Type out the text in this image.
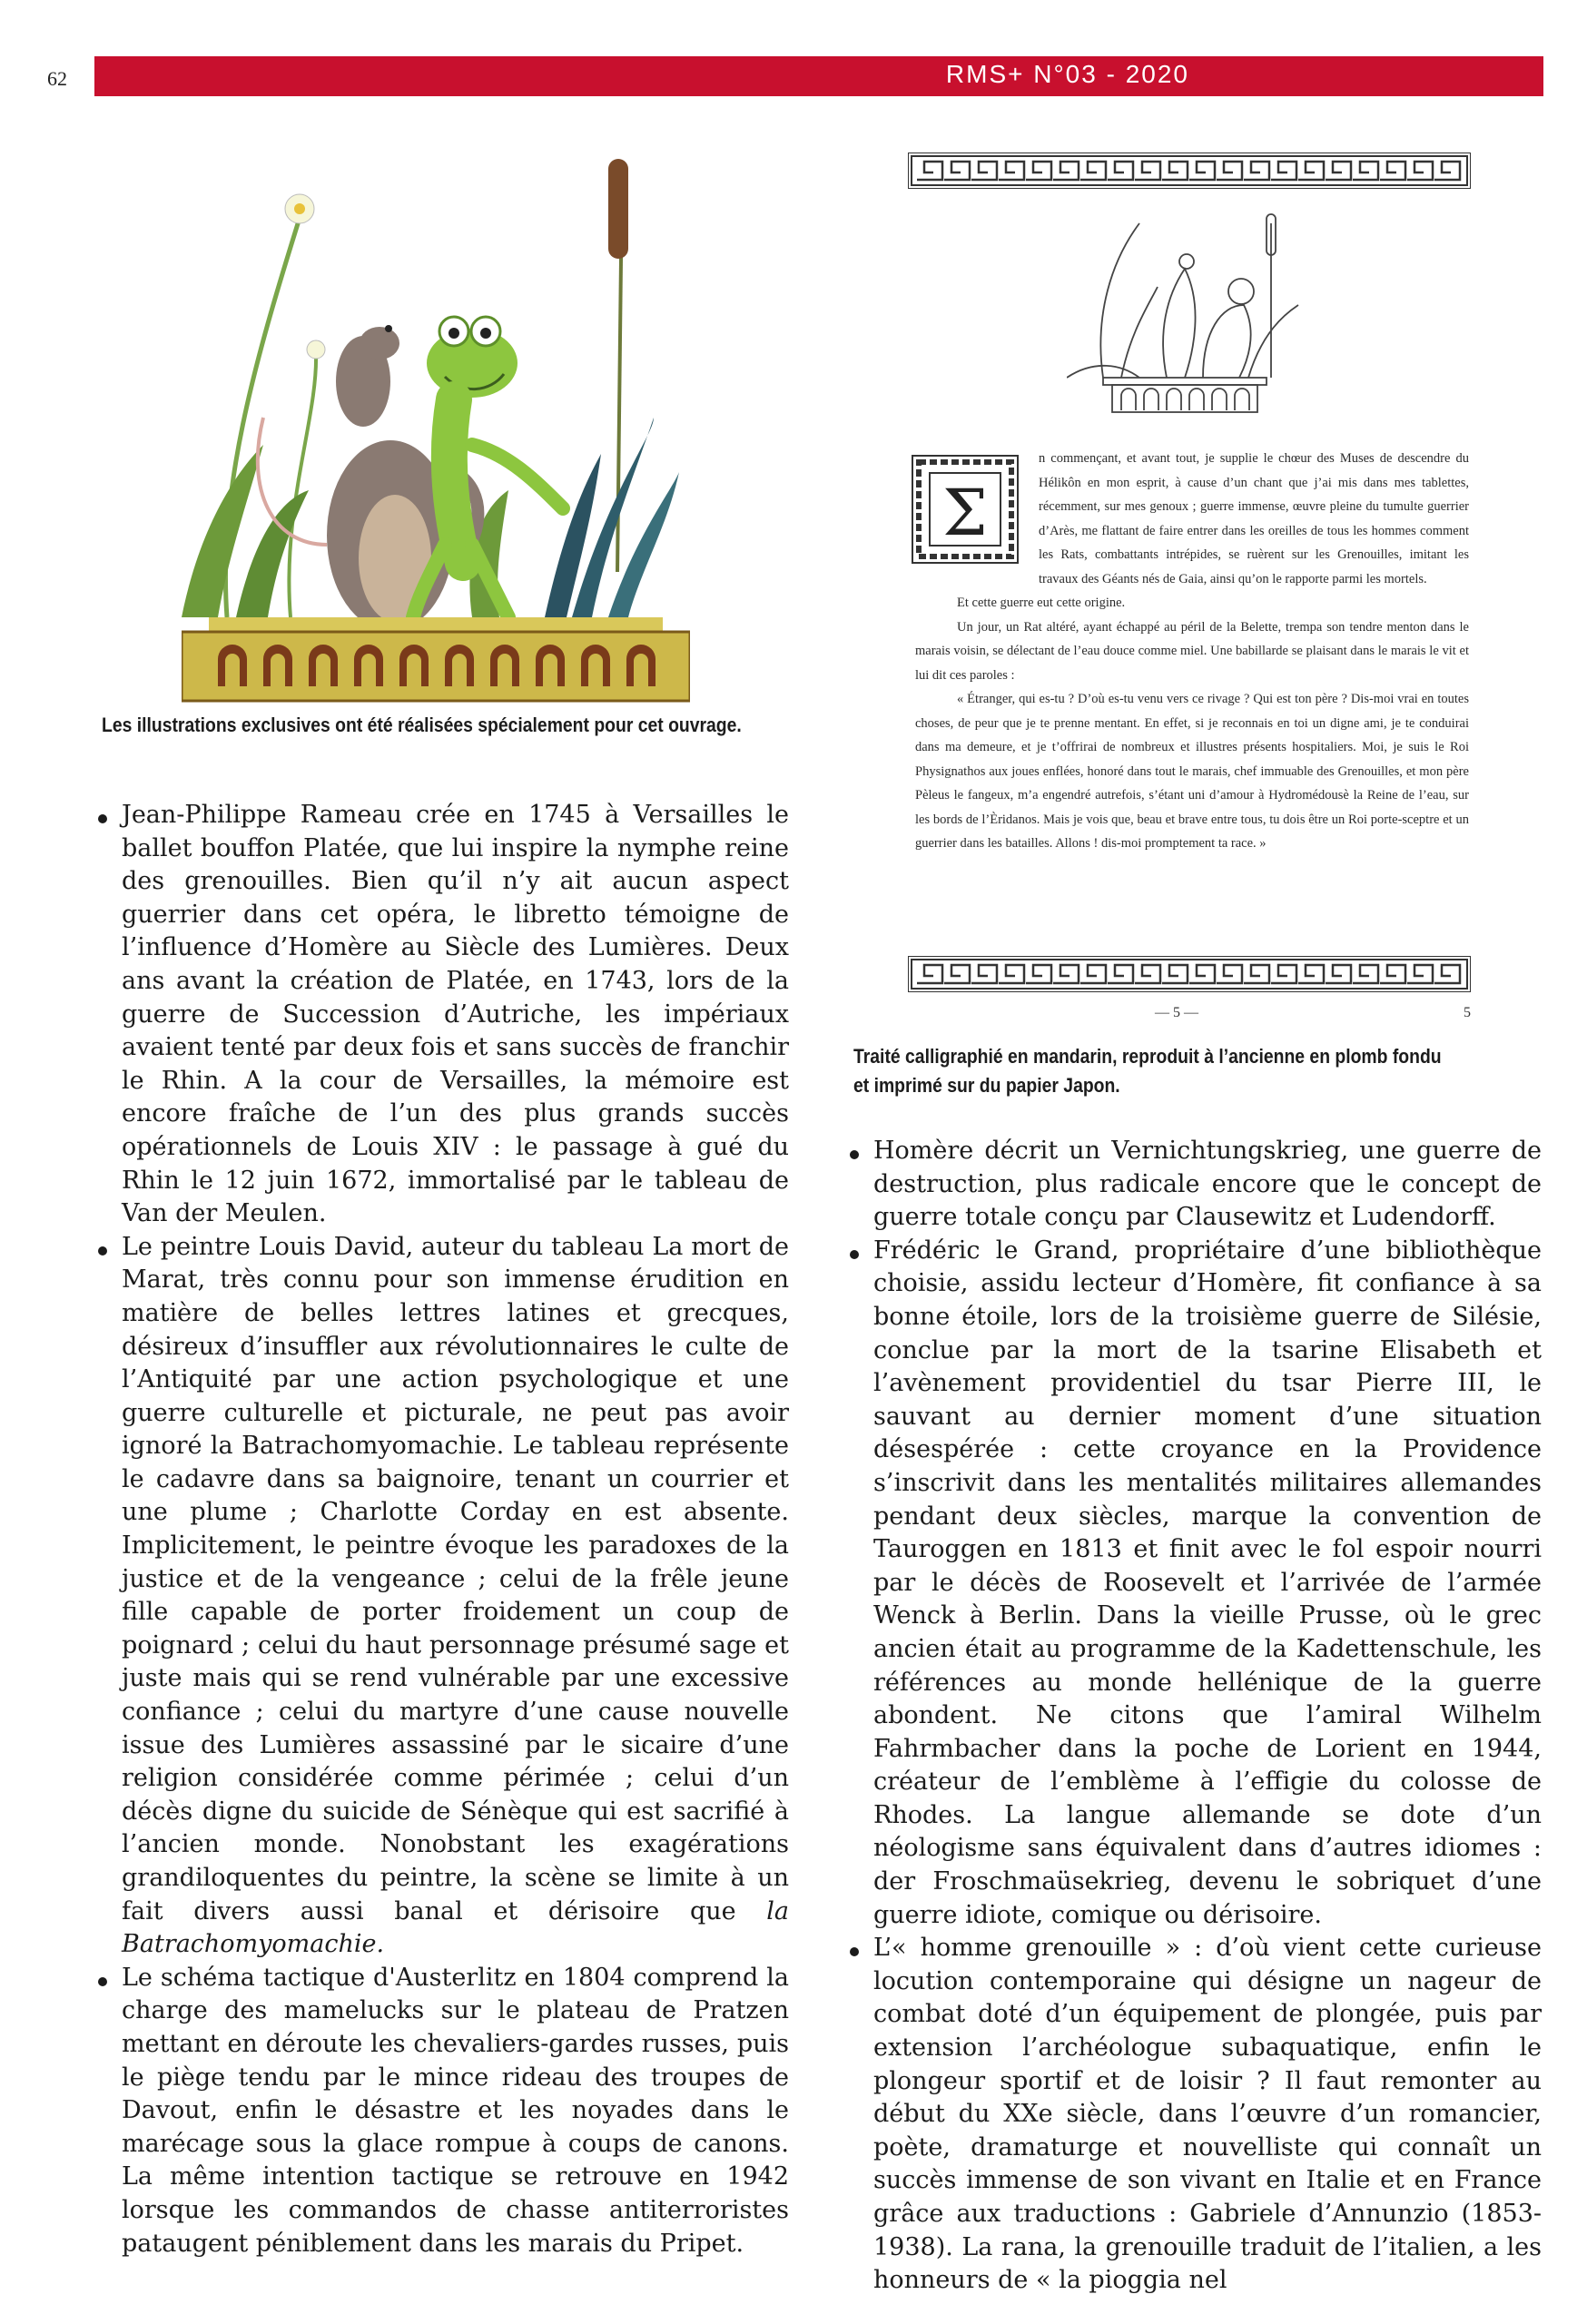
62	RMS+ N°03 - 2020
Les illustrations exclusives ont été réalisées spécialement pour cet ouvrage.
Σ

n commençant, et avant tout, je supplie le chœur des Muses de descendre du Hélikôn en mon esprit, à cause d’un chant que j’ai mis dans mes tablettes, récemment, sur mes genoux ; guerre immense, œuvre pleine du tumulte guerrier d’Arès, me flattant de faire entrer dans les oreilles de tous les hommes comment les Rats, combattants intrépides, se ruèrent sur les Grenouilles, imitant les travaux des Géants nés de Gaia, ainsi qu’on le rapporte parmi les mortels.

Et cette guerre eut cette origine.

Un jour, un Rat altéré, ayant échappé au péril de la Belette, trempa son tendre menton dans le marais voisin, se délectant de l’eau douce comme miel. Une babillarde se plaisant dans le marais le vit et lui dit ces paroles :

« Étranger, qui es-tu ? D’où es-tu venu vers ce rivage ? Qui est ton père ? Dis-moi vrai en toutes choses, de peur que je te prenne mentant. En effet, si je reconnais en toi un digne ami, je te conduirai dans ma demeure, et je t’offrirai de nombreux et illustres présents hospitaliers. Moi, je suis le Roi Physignathos aux joues enflées, honoré dans tout le marais, chef immuable des Grenouilles, et mon père Pèleus le fangeux, m’a engendré autrefois, s’étant uni d’amour à Hydromédousè la Reine de l’eau, sur les bords de l’Èridanos. Mais je vois que, beau et brave entre tous, tu dois être un Roi porte-sceptre et un guerrier dans les batailles. Allons ! dis-moi promptement ta race. »

— 5 —	5
Traité calligraphié en mandarin, reproduit à l’ancienne en plomb fondu et imprimé sur du papier Japon.

Jean-Philippe Rameau crée en 1745 à Versailles le ballet bouffon Platée, que lui inspire la nymphe reine des grenouilles. Bien qu’il n’y ait aucun aspect guerrier dans cet opéra, le libretto témoigne de l’influence d’Homère au Siècle des Lumières. Deux ans avant la création de Platée, en 1743, lors de la guerre de Succession d’Autriche, les impériaux avaient tenté par deux fois et sans succès de franchir le Rhin. A la cour de Versailles, la mémoire est encore fraîche de l’un des plus grands succès opérationnels de Louis XIV : le passage à gué du Rhin le 12 juin 1672, immortalisé par le tableau de Van der Meulen.

Le peintre Louis David, auteur du tableau La mort de Marat, très connu pour son immense érudition en matière de belles lettres latines et grecques, désireux d’insuffler aux révolutionnaires le culte de l’Antiquité par une action psychologique et une guerre culturelle et picturale, ne peut pas avoir ignoré la Batrachomyomachie. Le tableau représente le cadavre dans sa baignoire, tenant un courrier et une plume ; Charlotte Corday en est absente. Implicitement, le peintre évoque les paradoxes de la justice et de la vengeance ; celui de la frêle jeune fille capable de porter froidement un coup de poignard ; celui du haut personnage présumé sage et juste mais qui se rend vulnérable par une excessive confiance ; celui du martyre d’une cause nouvelle issue des Lumières assassiné par le sicaire d’une religion considérée comme périmée ; celui d’un décès digne du suicide de Sénèque qui est sacrifié à l’ancien monde. Nonobstant les exagérations grandiloquentes du peintre, la scène se limite à un fait divers aussi banal et dérisoire que la Batrachomyomachie.

Le schéma tactique d'Austerlitz en 1804 comprend la charge des mamelucks sur le plateau de Pratzen mettant en déroute les chevaliers-gardes russes, puis le piège tendu par le mince rideau des troupes de Davout, enfin le désastre et les noyades dans le marécage sous la glace rompue à coups de canons. La même intention tactique se retrouve en 1942 lorsque les commandos de chasse antiterroristes pataugent péniblement dans les marais du Pripet.

Homère décrit un Vernichtungskrieg, une guerre de destruction, plus radicale encore que le concept de guerre totale conçu par Clausewitz et Ludendorff.

Frédéric le Grand, propriétaire d’une bibliothèque choisie, assidu lecteur d’Homère, fit confiance à sa bonne étoile, lors de la troisième guerre de Silésie, conclue par la mort de la tsarine Elisabeth et l’avènement providentiel du tsar Pierre III, le sauvant au dernier moment d’une situation désespérée : cette croyance en la Providence s’inscrivit dans les mentalités militaires allemandes pendant deux siècles, marque la convention de Tauroggen en 1813 et finit avec le fol espoir nourri par le décès de Roosevelt et l’arrivée de l’armée Wenck à Berlin. Dans la vieille Prusse, où le grec ancien était au programme de la Kadettenschule, les références au monde hellénique de la guerre abondent. Ne citons que l’amiral Wilhelm Fahrmbacher dans la poche de Lorient en 1944, créateur de l’emblème à l’effigie du colosse de Rhodes. La langue allemande se dote d’un néologisme sans équivalent dans d’autres idiomes : der Froschmaüsekrieg, devenu le sobriquet d’une guerre idiote, comique ou dérisoire.

L’« homme grenouille » : d’où vient cette curieuse locution contemporaine qui désigne un nageur de combat doté d’un équipement de plongée, puis par extension l’archéologue subaquatique, enfin le plongeur sportif et de loisir ? Il faut remonter au début du XXe siècle, dans l’œuvre d’un romancier, poète, dramaturge et nouvelliste qui connaît un succès immense de son vivant en Italie et en France grâce aux traductions : Gabriele d’Annunzio (1853-1938). La rana, la grenouille traduit de l’italien, a les honneurs de « la pioggia nel
